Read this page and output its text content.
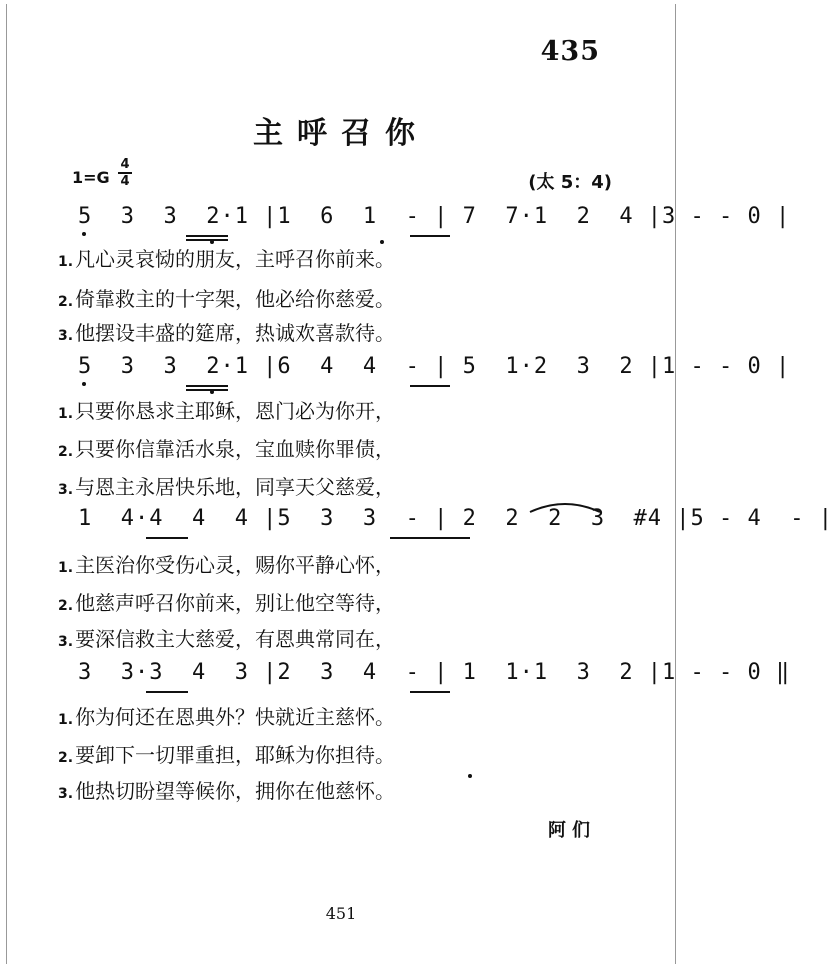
435
主呼召你
1=G
4
4	(太 5：4)
5  3  3  2·1 |1  6  1  - | 7  7·1  2  4 |3 - - 0 |
1. 凡心灵哀恸的朋友，主呼召你前来。
2. 倚靠救主的十字架，他必给你慈爱。
3. 他摆设丰盛的筵席，热诚欢喜款待。
5  3  3  2·1 |6  4  4  - | 5  1·2  3  2 |1 - - 0 |
1. 只要你恳求主耶稣，恩门必为你开，
2. 只要你信靠活水泉，宝血赎你罪债，
3. 与恩主永居快乐地，同享天父慈爱，
1  4·4  4  4 |5  3  3  - | 2  2  2  3  #4 |5 - 4  - |
1. 主医治你受伤心灵，赐你平静心怀，
2. 他慈声呼召你前来，别让他空等待，
3. 要深信救主大慈爱，有恩典常同在，
3  3·3  4  3 |2  3  4  - | 1  1·1  3  2 |1 - - 0 ‖
1. 你为何还在恩典外？快就近主慈怀。
2. 要卸下一切罪重担，耶稣为你担待。
3. 他热切盼望等候你，拥你在他慈怀。
阿们
451
